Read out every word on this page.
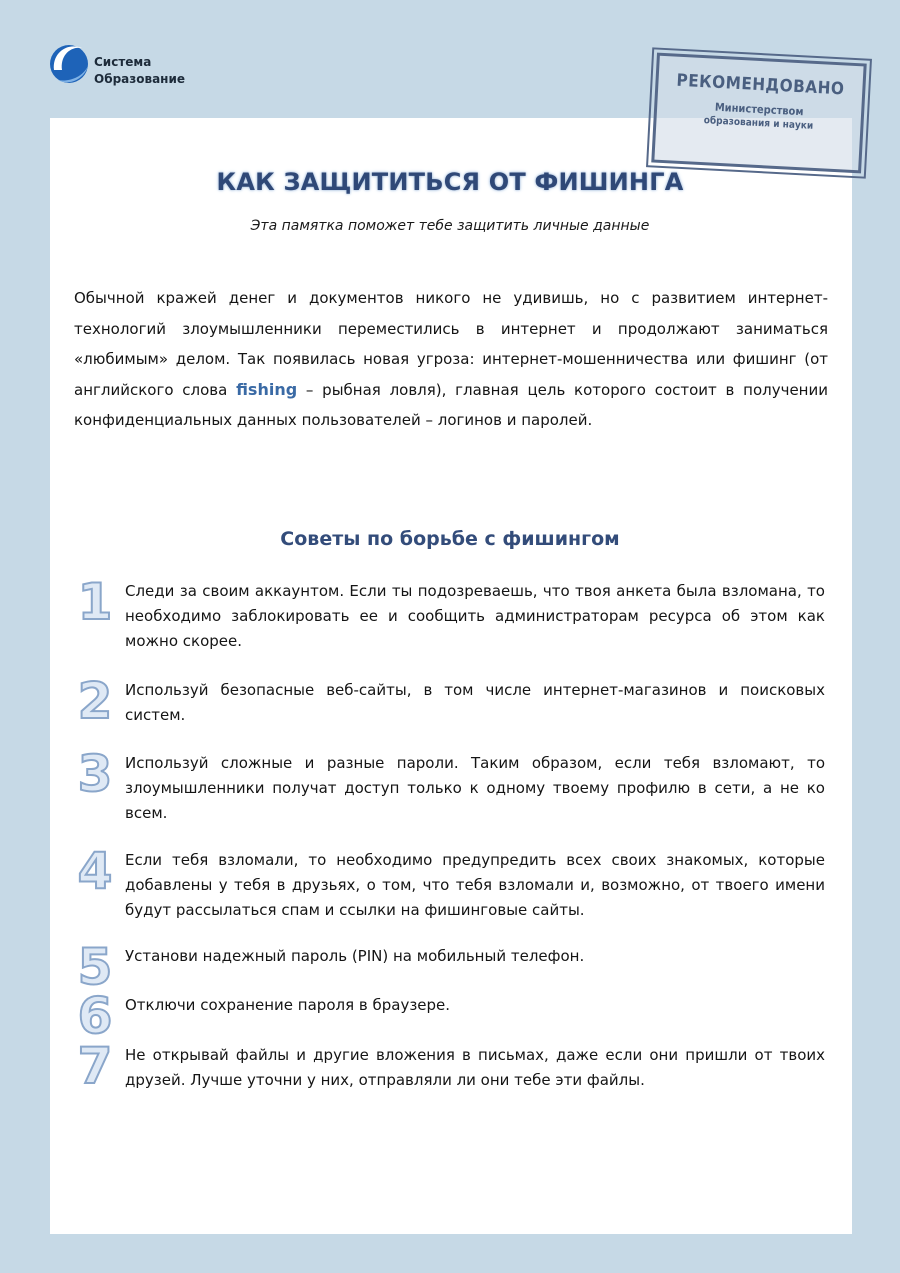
Система
Образование	РЕКОМЕНДОВАНО
Министерством
образования и науки
КАК ЗАЩИТИТЬСЯ ОТ ФИШИНГА
Эта памятка поможет тебе защитить личные данные
Обычной кражей денег и документов никого не удивишь, но с развитием интернет-технологий злоумышленники переместились в интернет и продолжают заниматься «любимым» делом. Так появилась новая угроза: интернет-мошенничества или фишинг (от английского слова fishing – рыбная ловля), главная цель которого состоит в получении конфиденциальных данных пользователей – логинов и паролей.
Советы по борьбе с фишингом
1 Следи за своим аккаунтом. Если ты подозреваешь, что твоя анкета была взломана, то необходимо заблокировать ее и сообщить администраторам ресурса об этом как можно скорее.
2 Используй безопасные веб-сайты, в том числе интернет-магазинов и поисковых систем.
3 Используй сложные и разные пароли. Таким образом, если тебя взломают, то злоумышленники получат доступ только к одному твоему профилю в сети, а не ко всем.
4 Если тебя взломали, то необходимо предупредить всех своих знакомых, которые добавлены у тебя в друзьях, о том, что тебя взломали и, возможно, от твоего имени будут рассылаться спам и ссылки на фишинговые сайты.
5 Установи надежный пароль (PIN) на мобильный телефон.
6 Отключи сохранение пароля в браузере.
7 Не открывай файлы и другие вложения в письмах, даже если они пришли от твоих друзей. Лучше уточни у них, отправляли ли они тебе эти файлы.
